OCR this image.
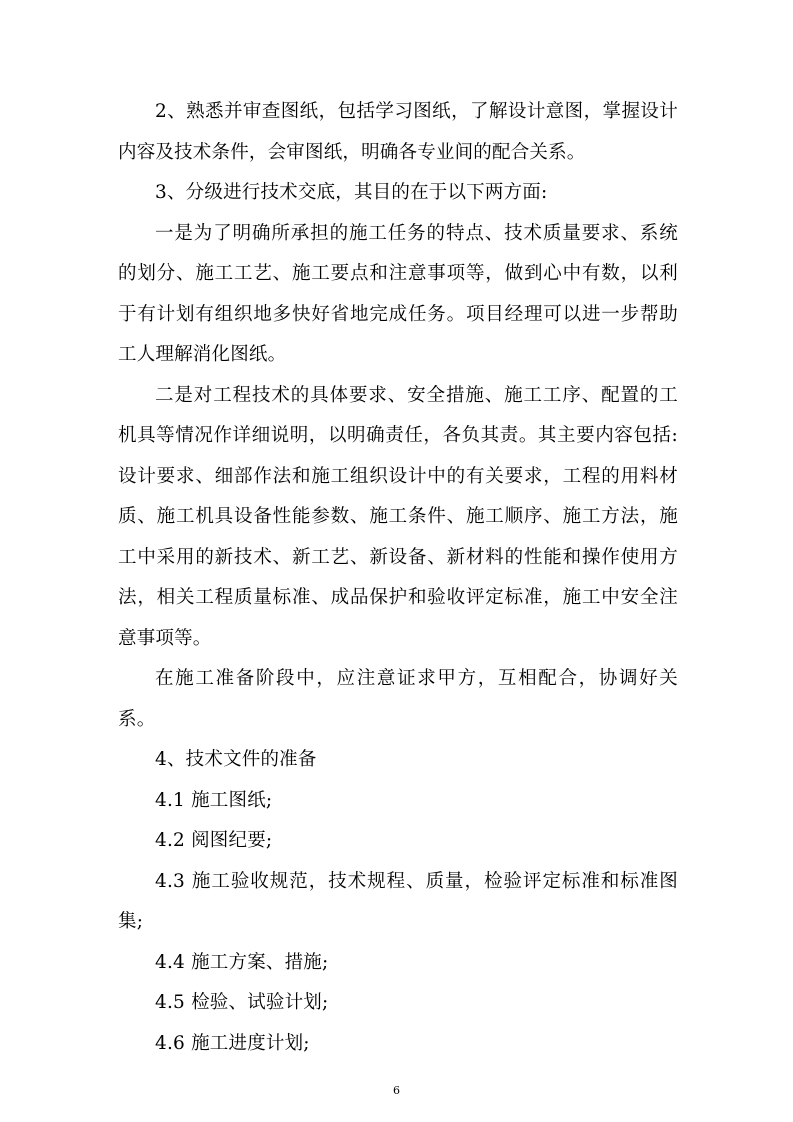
2、熟悉并审查图纸，包括学习图纸，了解设计意图，掌握设计内容及技术条件，会审图纸，明确各专业间的配合关系。

3、分级进行技术交底，其目的在于以下两方面:

一是为了明确所承担的施工任务的特点、技术质量要求、系统的划分、施工工艺、施工要点和注意事项等，做到心中有数，以利于有计划有组织地多快好省地完成任务。项目经理可以进一步帮助工人理解消化图纸。

二是对工程技术的具体要求、安全措施、施工工序、配置的工机具等情况作详细说明，以明确责任，各负其责。其主要内容包括:设计要求、细部作法和施工组织设计中的有关要求，工程的用料材质、施工机具设备性能参数、施工条件、施工顺序、施工方法，施工中采用的新技术、新工艺、新设备、新材料的性能和操作使用方法，相关工程质量标准、成品保护和验收评定标准，施工中安全注意事项等。

在施工准备阶段中，应注意证求甲方，互相配合，协调好关系。

4、技术文件的准备

4.1 施工图纸;

4.2 阅图纪要;

4.3 施工验收规范，技术规程、质量，检验评定标准和标准图集;

4.4 施工方案、措施;

4.5 检验、试验计划;

4.6 施工进度计划;

6
